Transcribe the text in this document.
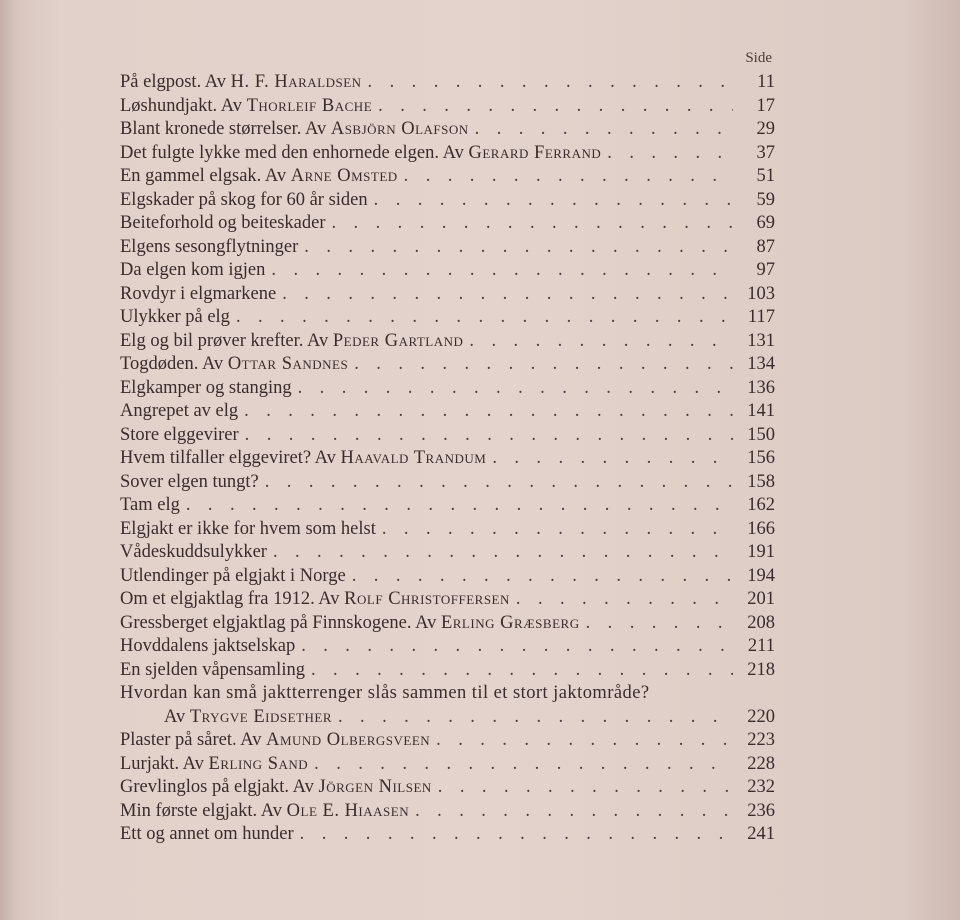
Side
På elgpost. Av H. F. Haraldsen . . .	11
Løshundjakt. Av Thorleif Bache . . .	17
Blant kronede størrelser. Av Asbjörn Olafson . . .	29
Det fulgte lykke med den enhornede elgen. Av Gerard Ferrand . . .	37
En gammel elgsak. Av Arne Omsted . . .	51
Elgskader på skog for 60 år siden . . .	59
Beiteforhold og beiteskader . . .	69
Elgens sesongflytninger . . .	87
Da elgen kom igjen . . .	97
Rovdyr i elgmarkene . . .	103
Ulykker på elg . . .	117
Elg og bil prøver krefter. Av Peder Gartland . . .	131
Togdøden. Av Ottar Sandnes . . .	134
Elgkamper og stanging . . .	136
Angrepet av elg . . .	141
Store elggevirer . . .	150
Hvem tilfaller elggeviret? Av Haavald Trandum . . .	156
Sover elgen tungt? . . .	158
Tam elg . . .	162
Elgjakt er ikke for hvem som helst . . .	166
Vådeskuddsulykker . . .	191
Utlendinger på elgjakt i Norge . . .	194
Om et elgjaktlag fra 1912. Av Rolf Christoffersen . . .	201
Gressberget elgjaktlag på Finnskogene. Av Erling Græsberg . . .	208
Hovddalens jaktselskap . . .	211
En sjelden våpensamling . . .	218
Hvordan kan små jaktterrenger slås sammen til et stort jaktområde?
Av Trygve Eidsether . . .	220
Plaster på såret. Av Amund Olbergsveen . . .	223
Lurjakt. Av Erling Sand . . .	228
Grevlinglos på elgjakt. Av Jörgen Nilsen . . .	232
Min første elgjakt. Av Ole E. Hiaasen . . .	236
Ett og annet om hunder . . .	241
